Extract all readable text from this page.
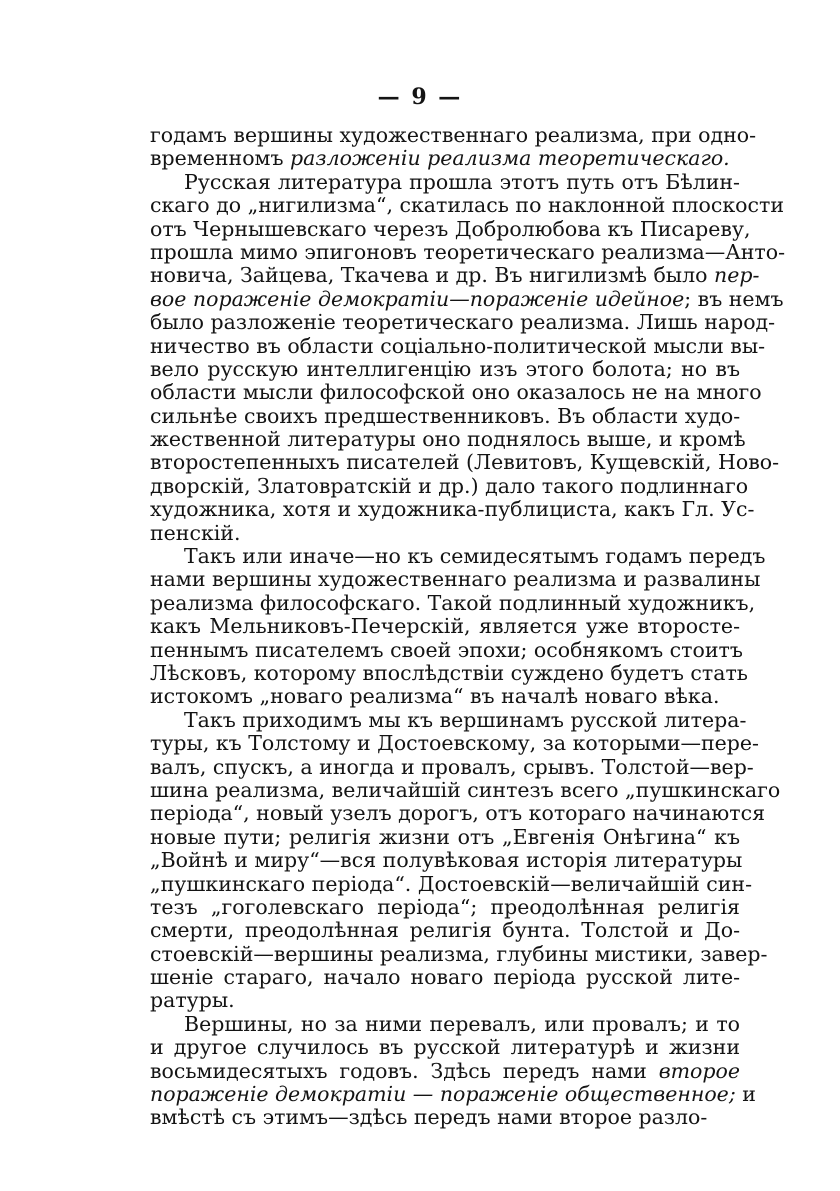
— 9 —
годамъ вершины художественнаго реализма, при одно-
временномъ разложеніи реализма теоретическаго.
Русская литература прошла этотъ путь отъ Бѣлин-
скаго до „нигилизма“, скатилась по наклонной плоскости
отъ Чернышевскаго черезъ Добролюбова къ Писареву,
прошла мимо эпигоновъ теоретическаго реализма—Анто-
новича, Зайцева, Ткачева и др. Въ нигилизмѣ было пер-
вое пораженіе демократіи—пораженіе идейное; въ немъ
было разложеніе теоретическаго реализма. Лишь народ-
ничество въ области соціально-политической мысли вы-
вело русскую интеллигенцію изъ этого болота; но въ
области мысли философской оно оказалось не на много
сильнѣе своихъ предшественниковъ. Въ области худо-
жественной литературы оно поднялось выше, и кромѣ
второстепенныхъ писателей (Левитовъ, Кущевскій, Ново-
дворскій, Златовратскій и др.) дало такого подлиннаго
художника, хотя и художника-публициста, какъ Гл. Ус-
пенскій.
Такъ или иначе—но къ семидесятымъ годамъ передъ
нами вершины художественнаго реализма и развалины
реализма философскаго. Такой подлинный художникъ,
какъ Мельниковъ-Печерскій, является уже второсте-
пеннымъ писателемъ своей эпохи; особнякомъ стоитъ
Лѣсковъ, которому впослѣдствіи суждено будетъ стать
истокомъ „новаго реализма“ въ началѣ новаго вѣка.
Такъ приходимъ мы къ вершинамъ русской литера-
туры, къ Толстому и Достоевскому, за которыми—пере-
валъ, спускъ, а иногда и провалъ, срывъ. Толстой—вер-
шина реализма, величайшій синтезъ всего „пушкинскаго
періода“, новый узелъ дорогъ, отъ котораго начинаются
новые пути; религія жизни отъ „Евгенія Онѣгина“ къ
„Войнѣ и миру“—вся полувѣковая исторія литературы
„пушкинскаго періода“. Достоевскій—величайшій син-
тезъ „гоголевскаго періода“; преодолѣнная религія
смерти, преодолѣнная религія бунта. Толстой и До-
стоевскій—вершины реализма, глубины мистики, завер-
шеніе стараго, начало новаго періода русской лите-
ратуры.
Вершины, но за ними перевалъ, или провалъ; и то
и другое случилось въ русской литературѣ и жизни
восьмидесятыхъ годовъ. Здѣсь передъ нами второе
пораженіе демократіи — пораженіе общественное; и
вмѣстѣ съ этимъ—здѣсь передъ нами второе разло-
